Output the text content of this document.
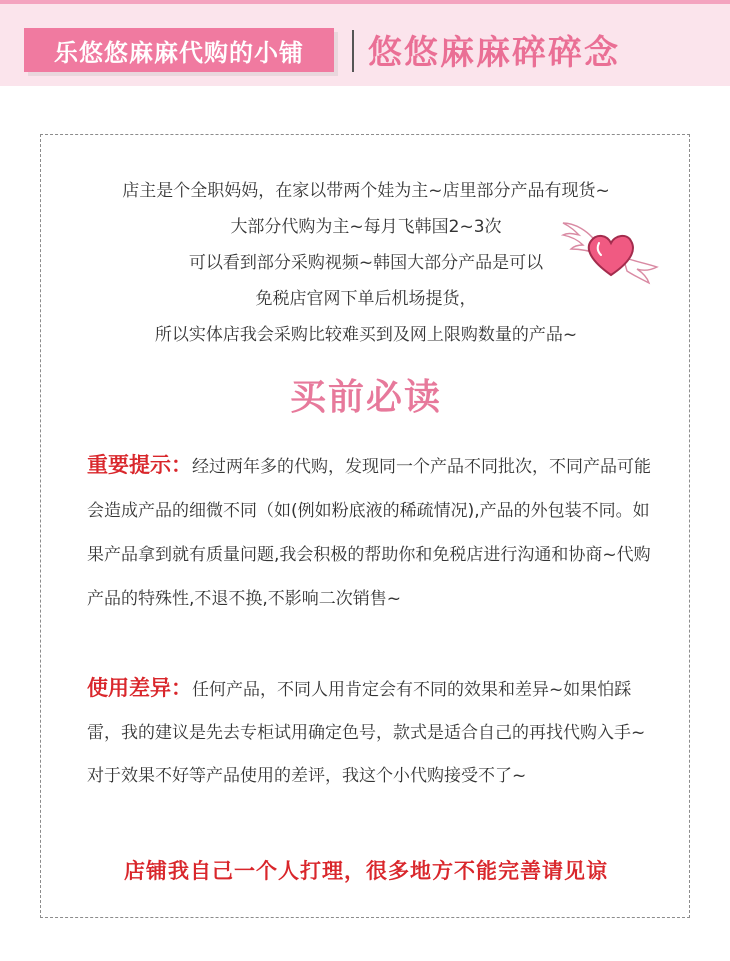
乐悠悠麻麻代购的小铺	悠悠麻麻碎碎念
店主是个全职妈妈，在家以带两个娃为主~店里部分产品有现货~
大部分代购为主~每月飞韩国2~3次
可以看到部分采购视频~韩国大部分产品是可以
免税店官网下单后机场提货，
所以实体店我会采购比较难买到及网上限购数量的产品~
买前必读
重要提示：经过两年多的代购，发现同一个产品不同批次，不同产品可能会造成产品的细微不同（如(例如粉底液的稀疏情况),产品的外包装不同。如果产品拿到就有质量问题,我会积极的帮助你和免税店进行沟通和协商~代购产品的特殊性,不退不换,不影响二次销售~
使用差异：任何产品，不同人用肯定会有不同的效果和差异~如果怕踩雷，我的建议是先去专柜试用确定色号，款式是适合自己的再找代购入手~对于效果不好等产品使用的差评，我这个小代购接受不了~
店铺我自己一个人打理，很多地方不能完善请见谅
